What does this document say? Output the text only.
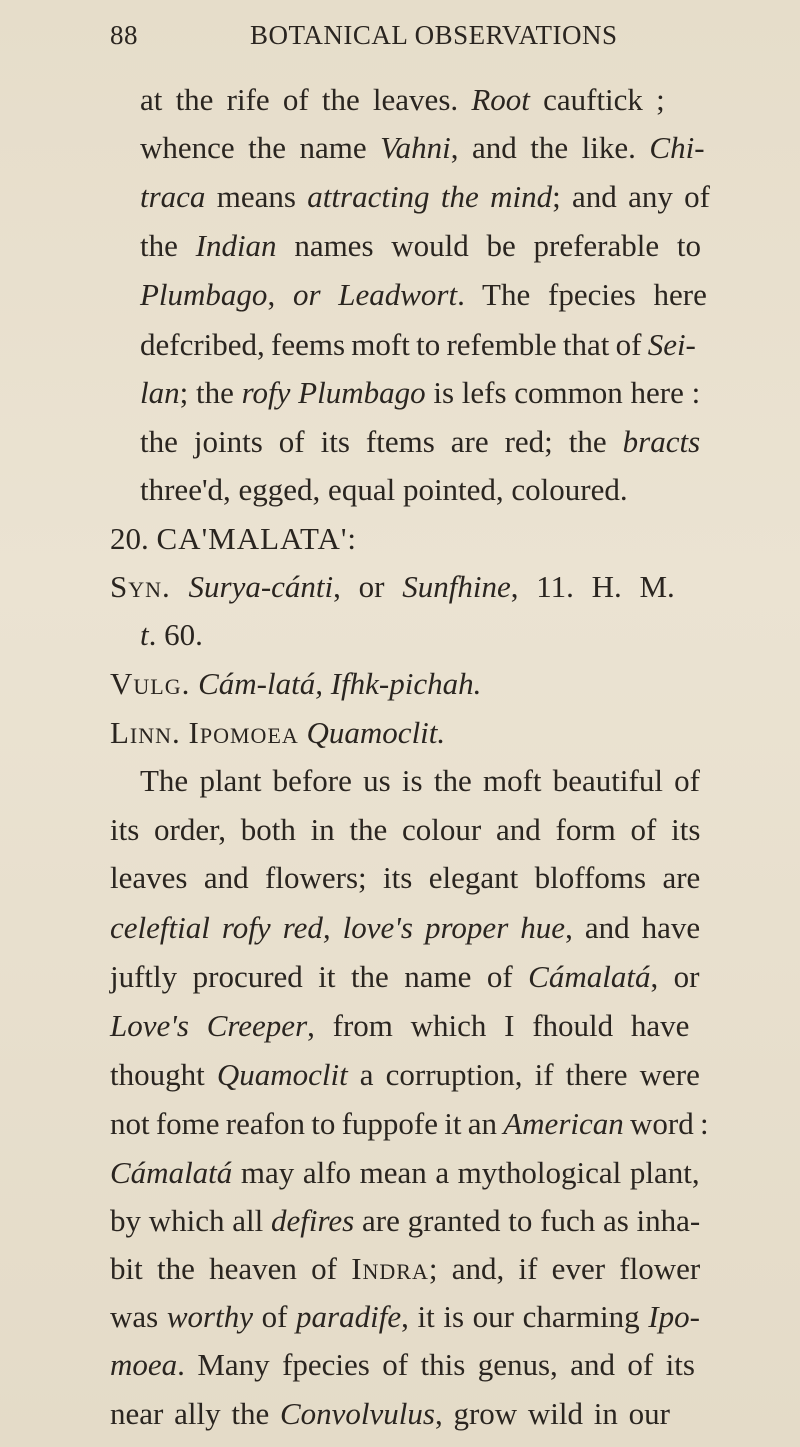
88	BOTANICAL OBSERVATIONS
at the rife of the leaves. Root cauftick ;
whence the name Vahni, and the like. Chi-
traca means attracting the mind; and any of
the Indian names would be preferable to
Plumbago, or Leadwort. The fpecies here
defcribed, feems moft to refemble that of Sei-
lan; the rofy Plumbago is lefs common here :
the joints of its ftems are red; the bracts
three'd, egged, equal pointed, coloured.
20. CA'MALATA':
Syn. Surya-cánti, or Sunfhine, 11. H. M.
t. 60.
Vulg. Cám-latá, Ifhk-pichah.
Linn. Ipomoea Quamoclit.
The plant before us is the moft beautiful of
its order, both in the colour and form of its
leaves and flowers; its elegant bloffoms are
celeftial rofy red, love's proper hue, and have
juftly procured it the name of Cámalatá, or
Love's Creeper, from which I fhould have
thought Quamoclit a corruption, if there were
not fome reafon to fuppofe it an American word :
Cámalatá may alfo mean a mythological plant,
by which all defires are granted to fuch as inha-
bit the heaven of Indra; and, if ever flower
was worthy of paradife, it is our charming Ipo-
moea. Many fpecies of this genus, and of its
near ally the Convolvulus, grow wild in our
